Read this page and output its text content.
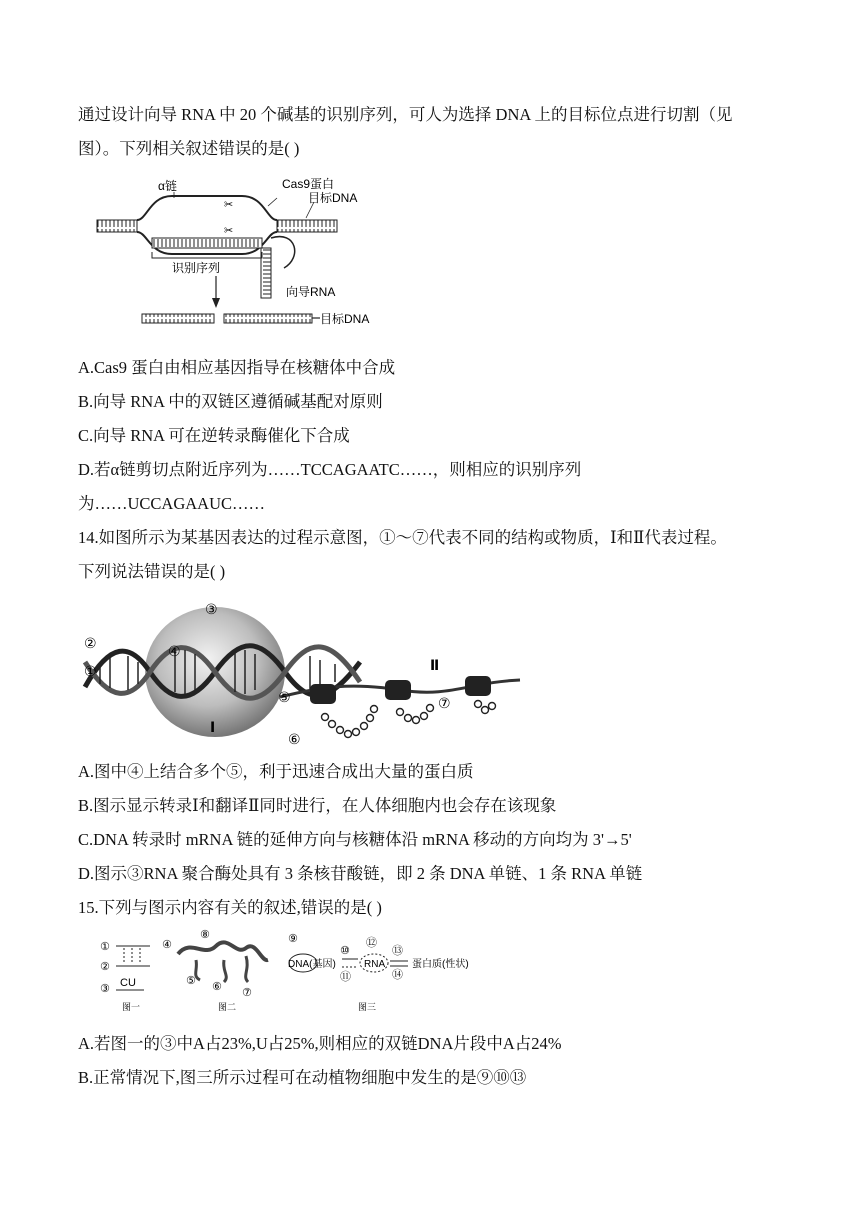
通过设计向导 RNA 中 20 个碱基的识别序列，可人为选择 DNA 上的目标位点进行切割（见
图）。下列相关叙述错误的是( )
✂
✂
α链	Cas9蛋白
目标DNA
识别序列
向导RNA
目标DNA
A.Cas9 蛋白由相应基因指导在核糖体中合成
B.向导 RNA 中的双链区遵循碱基配对原则
C.向导 RNA 可在逆转录酶催化下合成
D.若α链剪切点附近序列为……TCCAGAATC……，则相应的识别序列
为……UCCAGAAUC……
14.如图所示为某基因表达的过程示意图，①～⑦代表不同的结构或物质，Ⅰ和Ⅱ代表过程。
下列说法错误的是( )
②
①
③
④
⑤
⑥
⑦
Ⅰ
Ⅱ
A.图中④上结合多个⑤，利于迅速合成出大量的蛋白质
B.图示显示转录Ⅰ和翻译Ⅱ同时进行，在人体细胞内也会存在该现象
C.DNA 转录时 mRNA 链的延伸方向与核糖体沿 mRNA 移动的方向均为 3'→5'
D.图示③RNA 聚合酶处具有 3 条核苷酸链，即 2 条 DNA 单链、1 条 RNA 单链
15.下列与图示内容有关的叙述,错误的是( )
①
②
③ CU
图一
④
⑧
⑤ ⑥ ⑦
图二
⑨
DNA(基因)
⑩
⑪
RNA
⑫
⑬
⑭
蛋白质(性状)
图三
A.若图一的③中A占23%,U占25%,则相应的双链DNA片段中A占24%
B.正常情况下,图三所示过程可在动植物细胞中发生的是⑨⑩⑬
